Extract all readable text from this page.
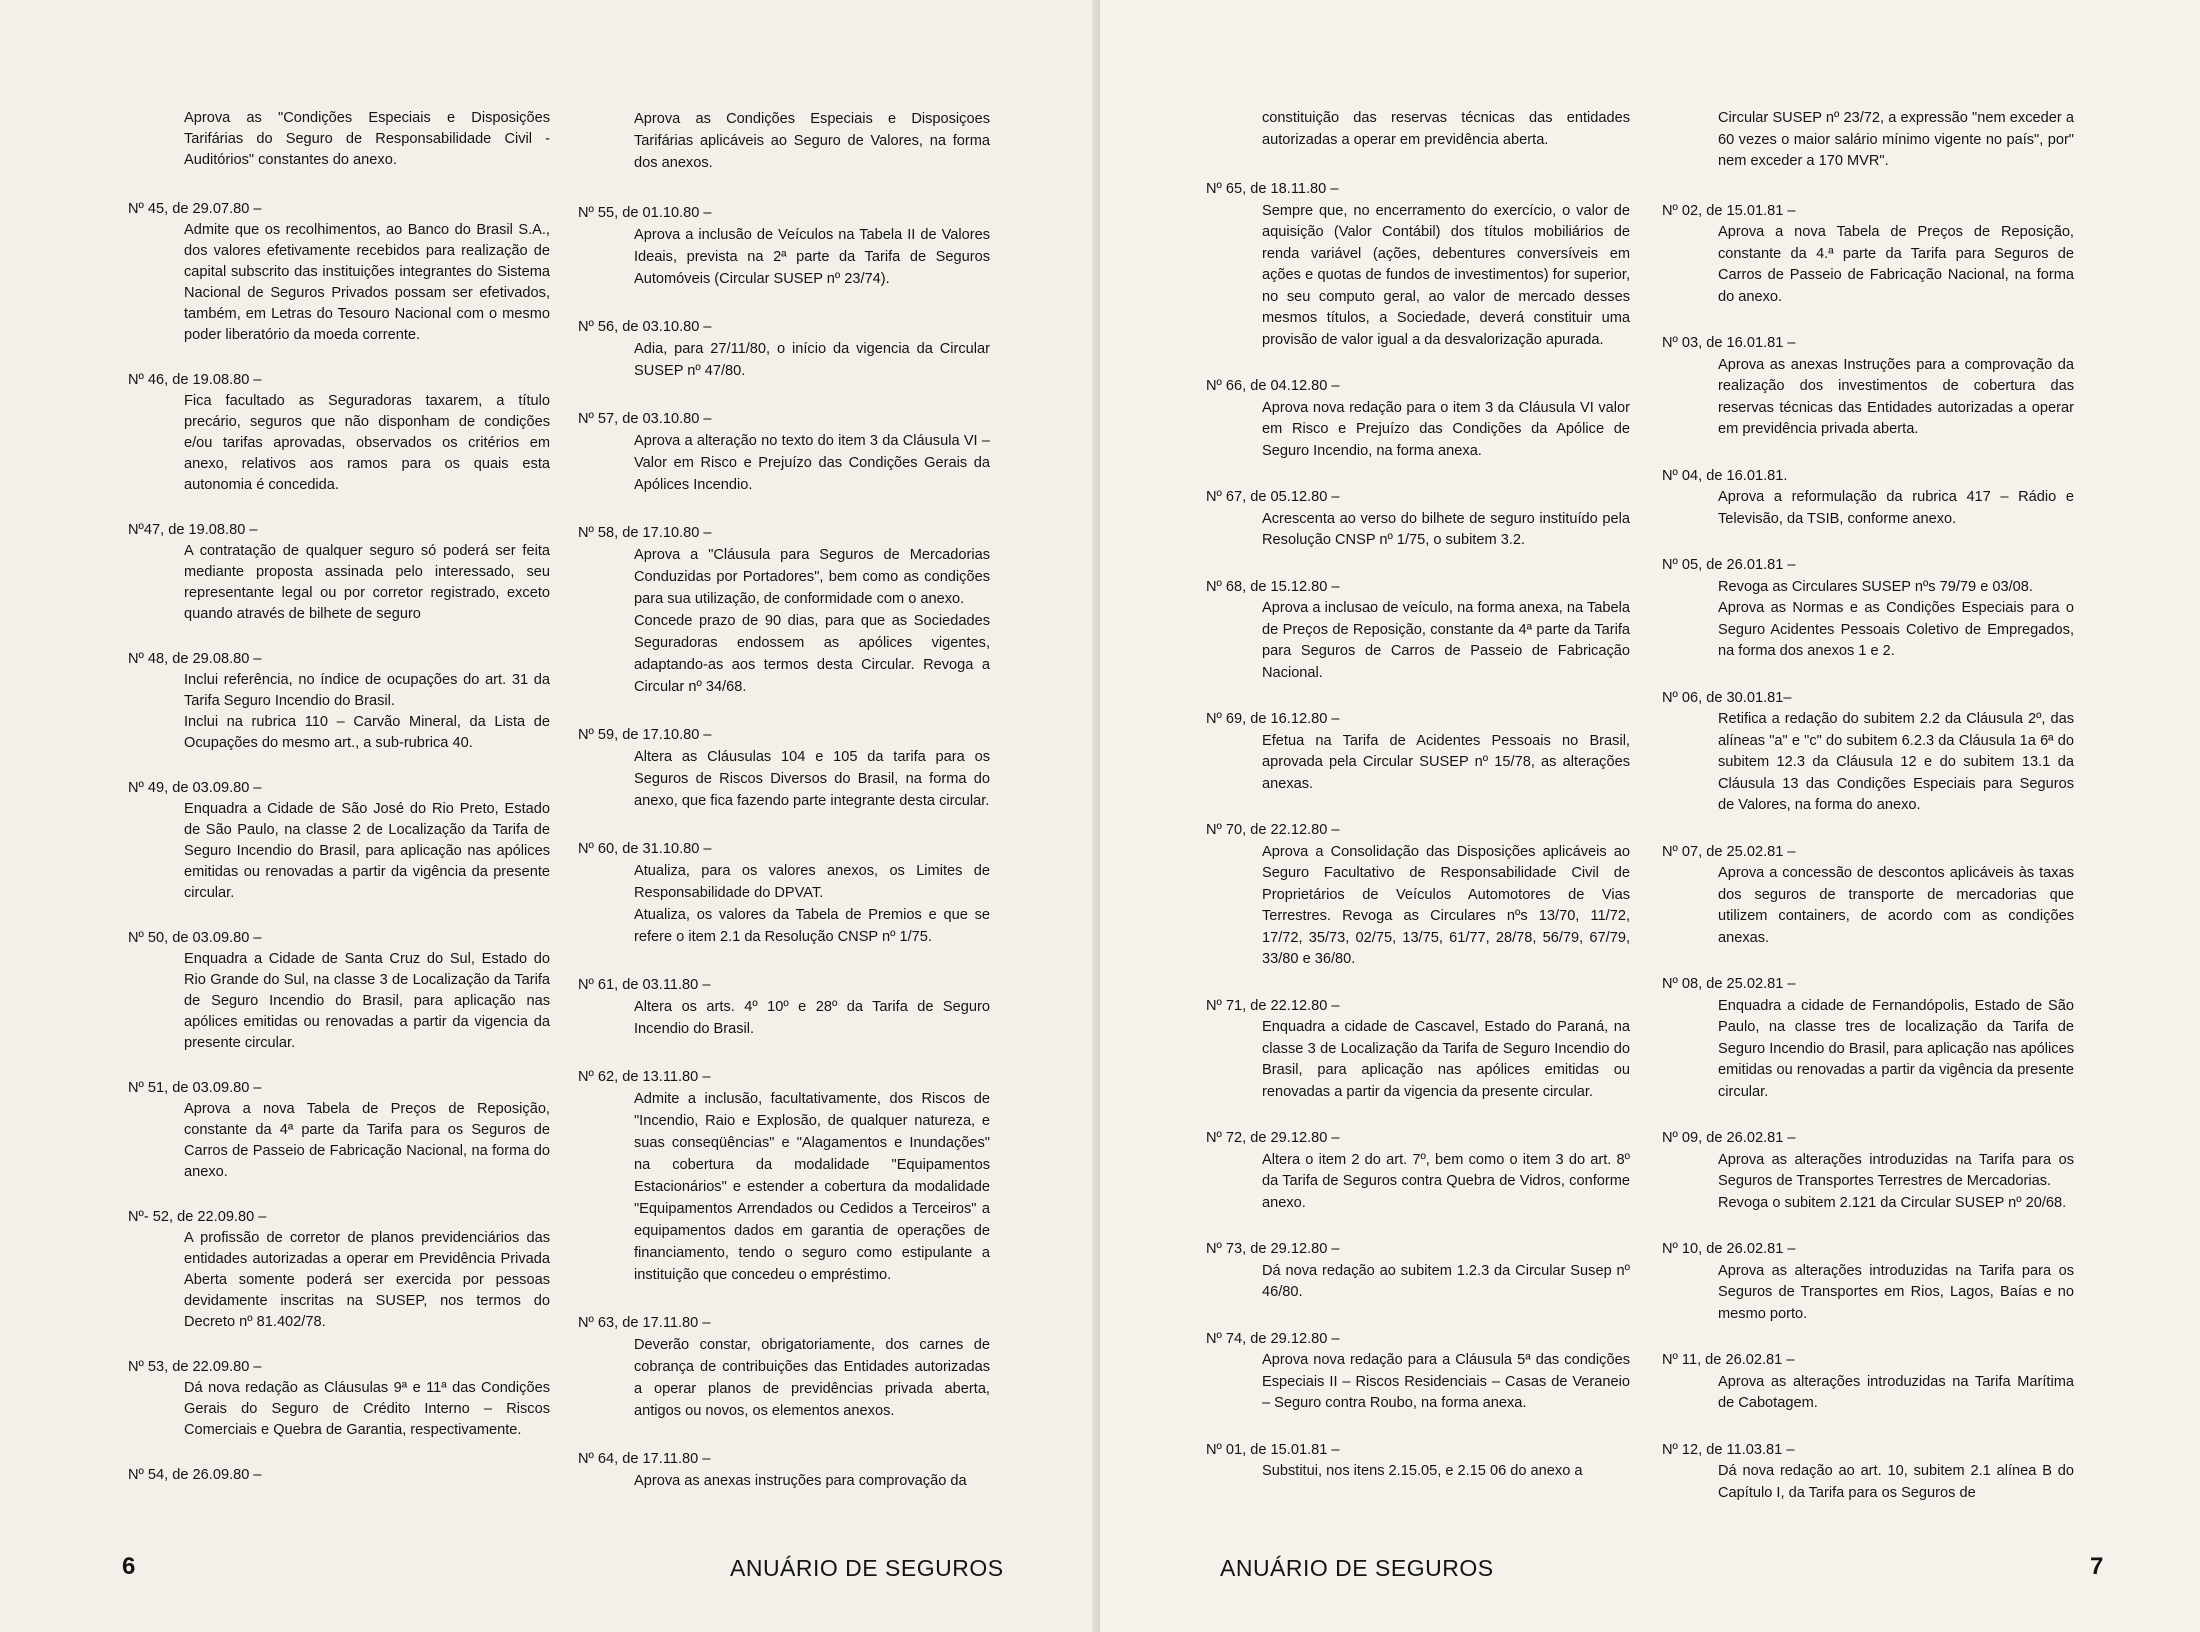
Aprova as "Condições Especiais e Disposições Tarifárias do Seguro de Responsabilidade Civil - Auditórios" constantes do anexo.
Nº 45, de 29.07.80 –

Admite que os recolhimentos, ao Banco do Brasil S.A., dos valores efetivamente recebidos para realização de capital subscrito das instituições integrantes do Sistema Nacional de Seguros Privados possam ser efetivados, também, em Letras do Tesouro Nacional com o mesmo poder liberatório da moeda corrente.

Nº 46, de 19.08.80 –

Fica facultado as Seguradoras taxarem, a título precário, seguros que não disponham de condições e/ou tarifas aprovadas, observados os critérios em anexo, relativos aos ramos para os quais esta autonomia é concedida.

Nº47, de 19.08.80 –

A contratação de qualquer seguro só poderá ser feita mediante proposta assinada pelo interessado, seu representante legal ou por corretor registrado, exceto quando através de bilhete de seguro

Nº 48, de 29.08.80 –

Inclui referência, no índice de ocupações do art. 31 da Tarifa Seguro Incendio do Brasil.

Inclui na rubrica 110 – Carvão Mineral, da Lista de Ocupações do mesmo art., a sub-rubrica 40.

Nº 49, de 03.09.80 –

Enquadra a Cidade de São José do Rio Preto, Estado de São Paulo, na classe 2 de Localização da Tarifa de Seguro Incendio do Brasil, para aplicação nas apólices emitidas ou renovadas a partir da vigência da presente circular.

Nº 50, de 03.09.80 –

Enquadra a Cidade de Santa Cruz do Sul, Estado do Rio Grande do Sul, na classe 3 de Localização da Tarifa de Seguro Incendio do Brasil, para aplicação nas apólices emitidas ou renovadas a partir da vigencia da presente circular.

Nº 51, de 03.09.80 –

Aprova a nova Tabela de Preços de Reposição, constante da 4ª parte da Tarifa para os Seguros de Carros de Passeio de Fabricação Nacional, na forma do anexo.

Nº- 52, de 22.09.80 –

A profissão de corretor de planos previdenciários das entidades autorizadas a operar em Previdência Privada Aberta somente poderá ser exercida por pessoas devidamente inscritas na SUSEP, nos termos do Decreto nº 81.402/78.

Nº 53, de 22.09.80 –

Dá nova redação as Cláusulas 9ª e 11ª das Condições Gerais do Seguro de Crédito Interno – Riscos Comerciais e Quebra de Garantia, respectivamente.

Nº 54, de 26.09.80 –
Aprova as Condições Especiais e Disposiçoes Tarifárias aplicáveis ao Seguro de Valores, na forma dos anexos.
Nº 55, de 01.10.80 –

Aprova a inclusão de Veículos na Tabela II de Valores Ideais, prevista na 2ª parte da Tarifa de Seguros Automóveis (Circular SUSEP nº 23/74).

Nº 56, de 03.10.80 –

Adia, para 27/11/80, o início da vigencia da Circular SUSEP nº 47/80.

Nº 57, de 03.10.80 –

Aprova a alteração no texto do item 3 da Cláusula VI – Valor em Risco e Prejuízo das Condições Gerais da Apólices Incendio.

Nº 58, de 17.10.80 –

Aprova a "Cláusula para Seguros de Mercadorias Conduzidas por Portadores", bem como as condições para sua utilização, de conformidade com o anexo.

Concede prazo de 90 dias, para que as Sociedades Seguradoras endossem as apólices vigentes, adaptando-as aos termos desta Circular. Revoga a Circular nº 34/68.

Nº 59, de 17.10.80 –

Altera as Cláusulas 104 e 105 da tarifa para os Seguros de Riscos Diversos do Brasil, na forma do anexo, que fica fazendo parte integrante desta circular.

Nº 60, de 31.10.80 –

Atualiza, para os valores anexos, os Limites de Responsabilidade do DPVAT.

Atualiza, os valores da Tabela de Premios e que se refere o item 2.1 da Resolução CNSP nº 1/75.

Nº 61, de 03.11.80 –

Altera os arts. 4º 10º e 28º da Tarifa de Seguro Incendio do Brasil.

Nº 62, de 13.11.80 –

Admite a inclusão, facultativamente, dos Riscos de "Incendio, Raio e Explosão, de qualquer natureza, e suas conseqüências" e "Alagamentos e Inundações" na cobertura da modalidade "Equipamentos Estacionários" e estender a cobertura da modalidade "Equipamentos Arrendados ou Cedidos a Terceiros" a equipamentos dados em garantia de operações de financiamento, tendo o seguro como estipulante a instituição que concedeu o empréstimo.

Nº 63, de 17.11.80 –

Deverão constar, obrigatoriamente, dos carnes de cobrança de contribuições das Entidades autorizadas a operar planos de previdências privada aberta, antigos ou novos, os elementos anexos.

Nº 64, de 17.11.80 –

Aprova as anexas instruções para comprovação da

6	ANUÁRIO DE SEGUROS
constituição das reservas técnicas das entidades autorizadas a operar em previdência aberta.
Nº 65, de 18.11.80 –

Sempre que, no encerramento do exercício, o valor de aquisição (Valor Contábil) dos títulos mobiliários de renda variável (ações, debentures conversíveis em ações e quotas de fundos de investimentos) for superior, no seu computo geral, ao valor de mercado desses mesmos títulos, a Sociedade, deverá constituir uma provisão de valor igual a da desvalorização apurada.

Nº 66, de 04.12.80 –

Aprova nova redação para o item 3 da Cláusula VI valor em Risco e Prejuízo das Condições da Apólice de Seguro Incendio, na forma anexa.

Nº 67, de 05.12.80 –

Acrescenta ao verso do bilhete de seguro instituído pela Resolução CNSP nº 1/75, o subitem 3.2.

Nº 68, de 15.12.80 –

Aprova a inclusao de veículo, na forma anexa, na Tabela de Preços de Reposição, constante da 4ª parte da Tarifa para Seguros de Carros de Passeio de Fabricação Nacional.

Nº 69, de 16.12.80 –

Efetua na Tarifa de Acidentes Pessoais no Brasil, aprovada pela Circular SUSEP nº 15/78, as alterações anexas.

Nº 70, de 22.12.80 –

Aprova a Consolidação das Disposições aplicáveis ao Seguro Facultativo de Responsabilidade Civil de Proprietários de Veículos Automotores de Vias Terrestres. Revoga as Circulares nºs 13/70, 11/72, 17/72, 35/73, 02/75, 13/75, 61/77, 28/78, 56/79, 67/79, 33/80 e 36/80.

Nº 71, de 22.12.80 –

Enquadra a cidade de Cascavel, Estado do Paraná, na classe 3 de Localização da Tarifa de Seguro Incendio do Brasil, para aplicação nas apólices emitidas ou renovadas a partir da vigencia da presente circular.

Nº 72, de 29.12.80 –

Altera o item 2 do art. 7º, bem como o item 3 do art. 8º da Tarifa de Seguros contra Quebra de Vidros, conforme anexo.

Nº 73, de 29.12.80 –

Dá nova redação ao subitem 1.2.3 da Circular Susep nº 46/80.

Nº 74, de 29.12.80 –

Aprova nova redação para a Cláusula 5ª das condições Especiais II – Riscos Residenciais – Casas de Veraneio – Seguro contra Roubo, na forma anexa.

Nº 01, de 15.01.81 –

Substitui, nos itens 2.15.05, e 2.15 06 do anexo a

Circular SUSEP nº 23/72, a expressão "nem exceder a 60 vezes o maior salário mínimo vigente no país", por" nem exceder a 170 MVR".
Nº 02, de 15.01.81 –

Aprova a nova Tabela de Preços de Reposição, constante da 4.ª parte da Tarifa para Seguros de Carros de Passeio de Fabricação Nacional, na forma do anexo.

Nº 03, de 16.01.81 –

Aprova as anexas Instruções para a comprovação da realização dos investimentos de cobertura das reservas técnicas das Entidades autorizadas a operar em previdência privada aberta.

Nº 04, de 16.01.81.

Aprova a reformulação da rubrica 417 – Rádio e Televisão, da TSIB, conforme anexo.

Nº 05, de 26.01.81 –

Revoga as Circulares SUSEP nºs 79/79 e 03/08.

Aprova as Normas e as Condições Especiais para o Seguro Acidentes Pessoais Coletivo de Empregados, na forma dos anexos 1 e 2.

Nº 06, de 30.01.81–

Retifica a redação do subitem 2.2 da Cláusula 2º, das alíneas "a" e "c" do subitem 6.2.3 da Cláusula 1a 6ª do subitem 12.3 da Cláusula 12 e do subitem 13.1 da Cláusula 13 das Condições Especiais para Seguros de Valores, na forma do anexo.

Nº 07, de 25.02.81 –

Aprova a concessão de descontos aplicáveis às taxas dos seguros de transporte de mercadorias que utilizem containers, de acordo com as condições anexas.

Nº 08, de 25.02.81 –

Enquadra a cidade de Fernandópolis, Estado de São Paulo, na classe tres de localização da Tarifa de Seguro Incendio do Brasil, para aplicação nas apólices emitidas ou renovadas a partir da vigência da presente circular.

Nº 09, de 26.02.81 –

Aprova as alterações introduzidas na Tarifa para os Seguros de Transportes Terrestres de Mercadorias.

Revoga o subitem 2.121 da Circular SUSEP nº 20/68.

Nº 10, de 26.02.81 –

Aprova as alterações introduzidas na Tarifa para os Seguros de Transportes em Rios, Lagos, Baías e no mesmo porto.

Nº 11, de 26.02.81 –

Aprova as alterações introduzidas na Tarifa Marítima de Cabotagem.

Nº 12, de 11.03.81 –

Dá nova redação ao art. 10, subitem 2.1 alínea B do Capítulo I, da Tarifa para os Seguros de

ANUÁRIO DE SEGUROS	7
